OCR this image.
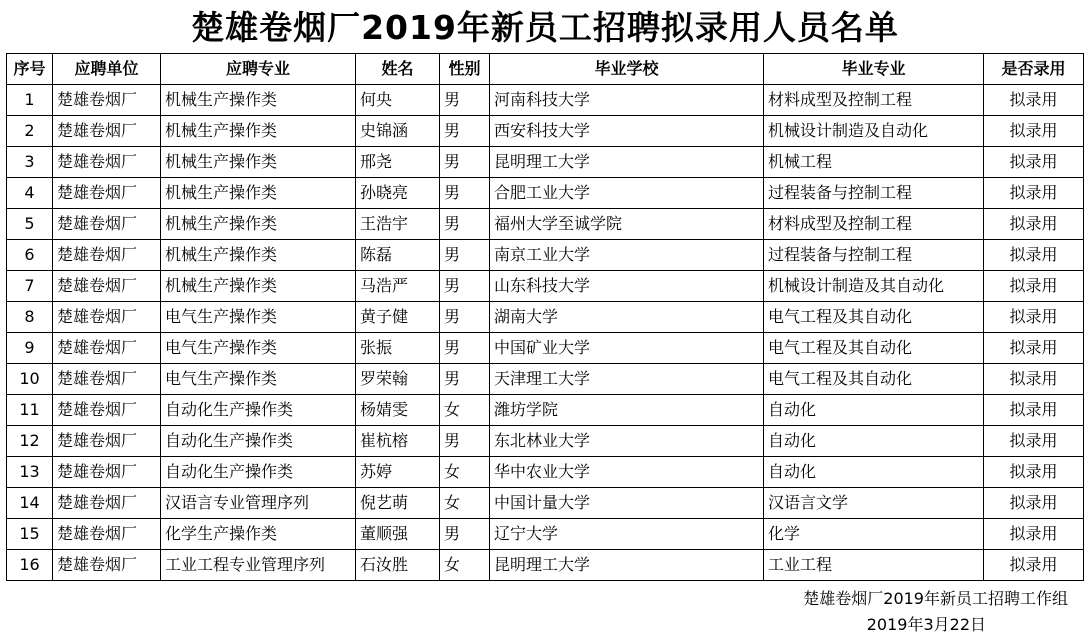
楚雄卷烟厂2019年新员工招聘拟录用人员名单
序号	应聘单位	应聘专业	姓名	性别	毕业学校	毕业专业	是否录用
1	楚雄卷烟厂	机械生产操作类	何央	男	河南科技大学	材料成型及控制工程	拟录用
2	楚雄卷烟厂	机械生产操作类	史锦涵	男	西安科技大学	机械设计制造及自动化	拟录用
3	楚雄卷烟厂	机械生产操作类	邢尧	男	昆明理工大学	机械工程	拟录用
4	楚雄卷烟厂	机械生产操作类	孙晓亮	男	合肥工业大学	过程装备与控制工程	拟录用
5	楚雄卷烟厂	机械生产操作类	王浩宇	男	福州大学至诚学院	材料成型及控制工程	拟录用
6	楚雄卷烟厂	机械生产操作类	陈磊	男	南京工业大学	过程装备与控制工程	拟录用
7	楚雄卷烟厂	机械生产操作类	马浩严	男	山东科技大学	机械设计制造及其自动化	拟录用
8	楚雄卷烟厂	电气生产操作类	黄子健	男	湖南大学	电气工程及其自动化	拟录用
9	楚雄卷烟厂	电气生产操作类	张振	男	中国矿业大学	电气工程及其自动化	拟录用
10	楚雄卷烟厂	电气生产操作类	罗荣翰	男	天津理工大学	电气工程及其自动化	拟录用
11	楚雄卷烟厂	自动化生产操作类	杨婧雯	女	潍坊学院	自动化	拟录用
12	楚雄卷烟厂	自动化生产操作类	崔杭榕	男	东北林业大学	自动化	拟录用
13	楚雄卷烟厂	自动化生产操作类	苏婷	女	华中农业大学	自动化	拟录用
14	楚雄卷烟厂	汉语言专业管理序列	倪艺萌	女	中国计量大学	汉语言文学	拟录用
15	楚雄卷烟厂	化学生产操作类	董顺强	男	辽宁大学	化学	拟录用
16	楚雄卷烟厂	工业工程专业管理序列	石汝胜	女	昆明理工大学	工业工程	拟录用
楚雄卷烟厂2019年新员工招聘工作组
2019年3月22日
